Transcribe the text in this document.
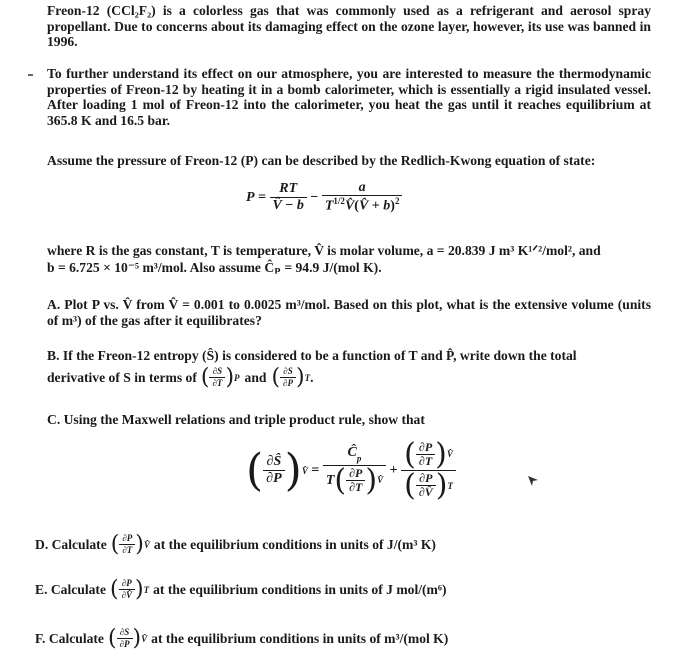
Freon-12 (CCl₂F₂) is a colorless gas that was commonly used as a refrigerant and aerosol spray propellant. Due to concerns about its damaging effect on the ozone layer, however, its use was banned in 1996.
To further understand its effect on our atmosphere, you are interested to measure the thermodynamic properties of Freon-12 by heating it in a bomb calorimeter, which is essentially a rigid insulated vessel. After loading 1 mol of Freon-12 into the calorimeter, you heat the gas until it reaches equilibrium at 365.8 K and 16.5 bar.
Assume the pressure of Freon-12 (P) can be described by the Redlich-Kwong equation of state:
$P = \frac{RT}{V̂ - b} - \frac{a}{T^{1/2}V̂(V̂ + b)^2}$
where R is the gas constant, T is temperature, V̂ is molar volume, a = 20.839 J m³ K¹ᐟ²/mol², and
b = 6.725 × 10⁻⁵ m³/mol. Also assume Ĉₚ = 94.9 J/(mol K).
A. Plot P vs. V̂ from V̂ = 0.001 to 0.0025 m³/mol. Based on this plot, what is the extensive volume (units of m³) of the gas after it equilibrates?
B. If the Freon-12 entropy (Ŝ) is considered to be a function of T and P̂, write down the total
derivative of S in terms of ( $\frac{\partial S}{\partial T}$ ) P and ( $\frac{\partial S}{\partial P}$ ) T .
C. Using the Maxwell relations and triple product rule, show that
( $\frac{\partial Ŝ}{\partial P}$ ) V̂ = $\frac{Ĉ_p}{T ( \frac{\partial P}{\partial T} ) V̂} + \frac{( \frac{\partial P}{\partial T} ) V̂}{( \frac{\partial P}{\partial V̂} ) T}$
D. Calculate ( $\frac{\partial P}{\partial T}$ ) V̂ at the equilibrium conditions in units of J/(m³ K)
E. Calculate ( $\frac{\partial P}{\partial V̂}$ ) T at the equilibrium conditions in units of J mol/(m⁶)
F. Calculate ( $\frac{\partial S}{\partial P}$ ) V̂ at the equilibrium conditions in units of m³/(mol K)
